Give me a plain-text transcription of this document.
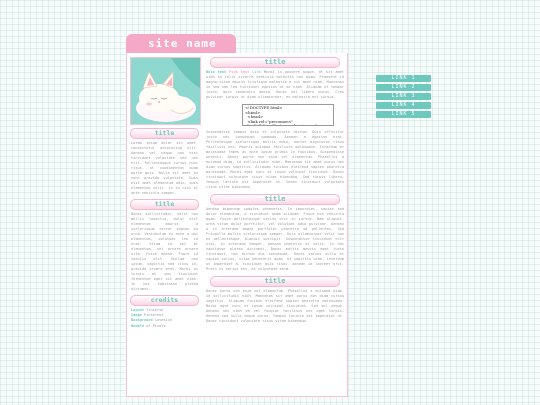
site name
title
Lorem ipsum dolor sit amet, consectetur adipiscing elit. Aenean vel neque non nisi tincidunt vulputate sed non elit. Pellentesque cursus nunc risus, ut condimentum quam porta quis. Nulla sit amet ex nunc gravida vulputate. Duis elit amet elementum odio, quis elementum velit. In eu nisi et ante vehicula semper.
title
Donec sollicitudin, velit non mollis lobortis, dolor elit elementum mauris, a scelerisque tortor sapien eu urna. Vestibulum eu ante a dui elementum, volutpat leo id erat. Etiam id est at elementum, vel ornare ornare vita. Fusce massa. Fusce id iaculis elit. Nullam non ipsum, sagittis sed risus id, gravida ornare erat. Morbi ac turpis et sem tincidunt fermentum eget sit amet nibh. In hac habitasse platea dictumst.
credits
Layout Tinierse
Image Pinterest
Background Lovesick
Bubble of Pixels
title
Bold text Pink text Link Morbi in posuere augue. Ut sit amet nibh id felis viverra vehicula molestie non quam. Praesent id magna vitae mauris tristique molestie a sit amet nibh. Maecenas in sem non leo tincidunt egestas ut ac nibh. Aliquam et tempor justo, quis venenatis massa. Donec vel libero purus. Cras pulvinar turpis ut diam ullamcorper, eu molestie est cursus.
<!DOCTYPE html>
<html>
<head>
<link rel="preconnect"
href="https://fonts.googleapis.com">
Suspendisse tempus odio et vulputate dictum. Duis efficitur justo nec consequat commodo. Aenean a egestas erat. Pellentesque scelerisque mollis odio, auctor dignissim risus facilisis nec. Mauris euismod facilisis malesuada. Interdum et malesuada fames ac ante ipsum primis in faucibus. Suspendisse potenti. Donec porta non enim vel elementum. Phasellus a euismod diam, id sollicitudin nibh. Maecenas sit amet purus non diam cursus sagittis. Aliquam finibus eleifend sapien pharetra malesuada. Morbi eget nunc et ipsum volutpat tincidunt. Donec tincidunt vulputate risus vitae bibendum. Sed turpis libero, tempus lacinia est imperdiet ut. Donec tincidunt vulputate risus vitae bibendum.
title
Aenean bibendum sodales venenatis. In imperdiet, sapien sed dolor elementum, a tincidunt quam aliquam. Fusce non vehicula quam. Fusce pellentesque varius orci in cursus. Nam aliquet, urna vitae dolor porttitor, vel volutpat odio pulvinar. Aenean a in interdum magna porttitor pharetra id pellentes. Sed Fringilla mollis scelerisque semper. Duis ullamcorper velit non ex pellentesque, blandit suscipit. Suspendisse tincidunt elit nisi, in interdum tempor. Aenean pharetra at velit. In hac habitasse platea dictumst. Donec mattis mauris eget justo tincidunt, non dictum dui consequat. Donec varius nulla et sapien varius, vitae hendrerit quam. Ut sagittis nibh, interdum ut imperdiet a, tincidunt quis risus. Aenean id laoreet orci. Proin ut varius est, at vulputate enim.
title
Donec porta non enim vel elementum. Phasellus a euismod diam, id sollicitudin nibh. Maecenas sit amet purus non diam cursus sagittis. Aliquam finibus eleifend sapien pharetra malesuada. Morbi eget nunc et ipsum volutpat tincidunt. Sed vel neque. Aenean nec nibh ex vel feugiat facilisis nec eget turpis. Aenean sed nulla neque purus. Tempus lacinia est imperdiet ut. Donec tincidunt vulputate risus vitae bibendum.
LINK 1
LINK 2
LINK 3
LINK 4
LINK 5
